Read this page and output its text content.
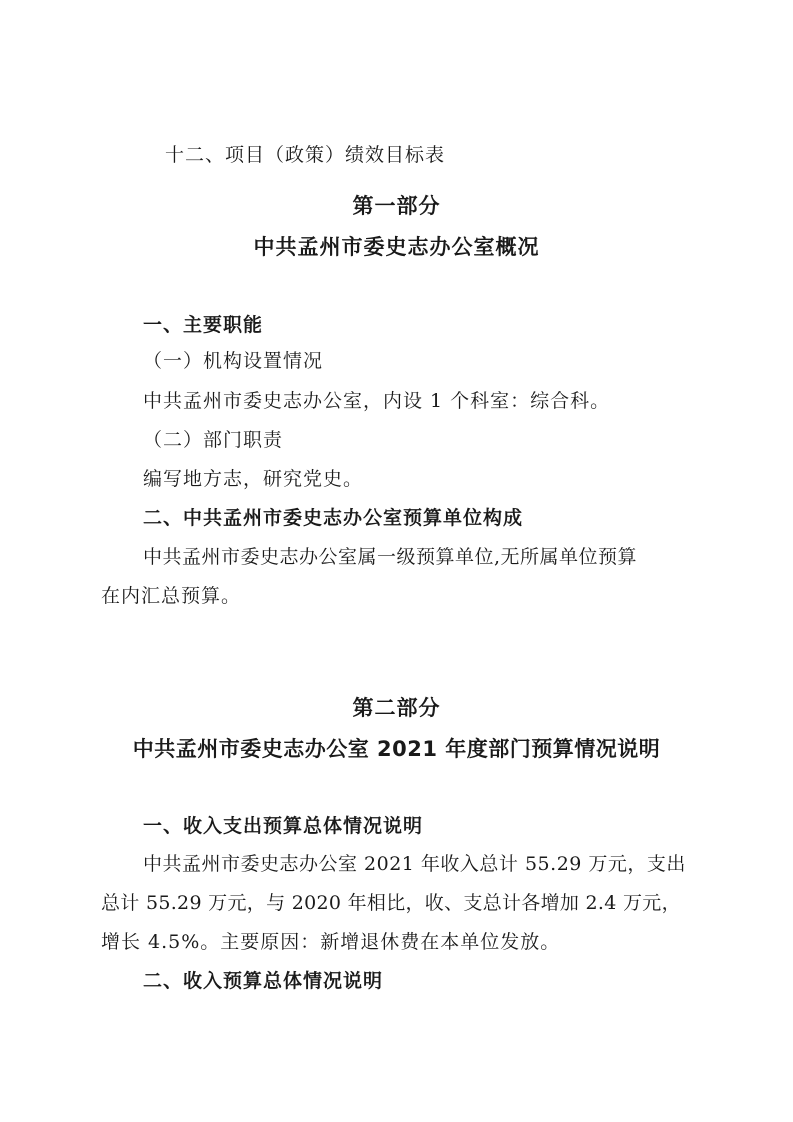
十二、项目（政策）绩效目标表
第一部分
中共孟州市委史志办公室概况
一、主要职能
（一）机构设置情况
中共孟州市委史志办公室，内设 1 个科室：综合科。
（二）部门职责
编写地方志，研究党史。
二、中共孟州市委史志办公室预算单位构成
中共孟州市委史志办公室属一级预算单位,无所属单位预算
在内汇总预算。
第二部分
中共孟州市委史志办公室 2021 年度部门预算情况说明
一、收入支出预算总体情况说明
中共孟州市委史志办公室 2021 年收入总计 55.29 万元，支出
总计 55.29 万元，与 2020 年相比，收、支总计各增加 2.4 万元，
增长 4.5%。主要原因：新增退休费在本单位发放。
二、收入预算总体情况说明
